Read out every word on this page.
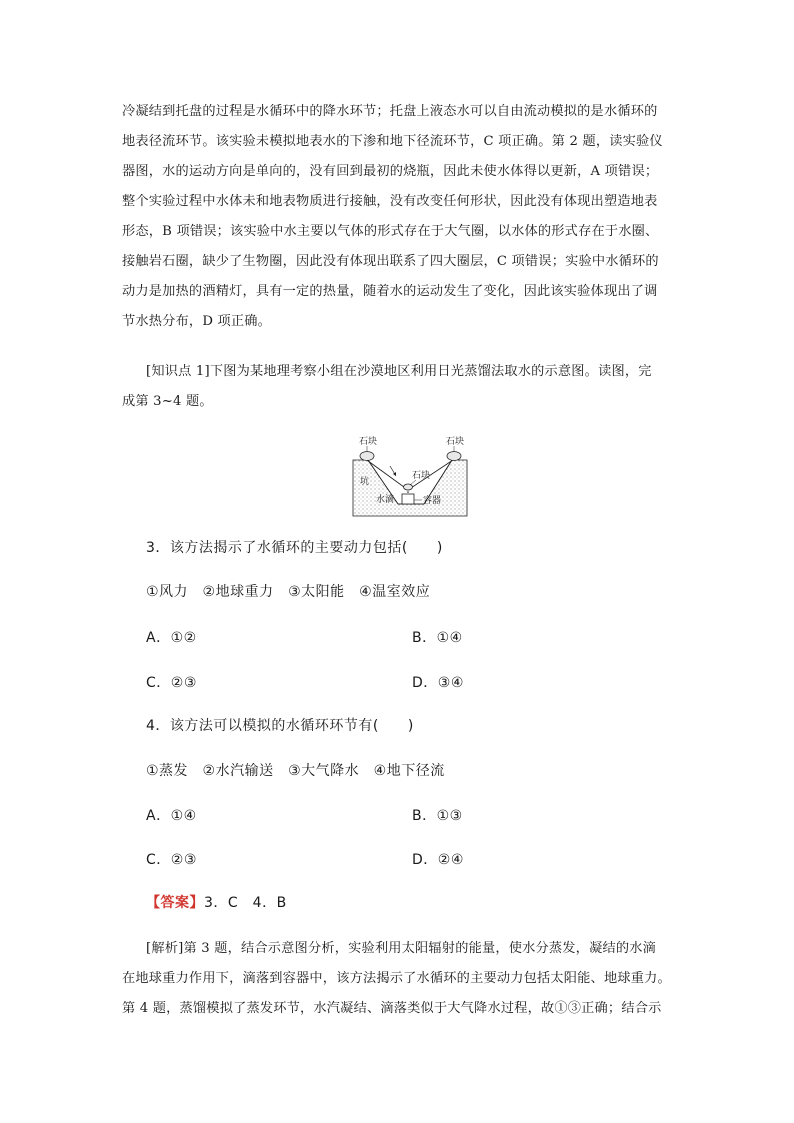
冷凝结到托盘的过程是水循环中的降水环节；托盘上液态水可以自由流动模拟的是水循环的
地表径流环节。该实验未模拟地表水的下渗和地下径流环节，C 项正确。第 2 题，读实验仪
器图，水的运动方向是单向的，没有回到最初的烧瓶，因此未使水体得以更新，A 项错误；
整个实验过程中水体未和地表物质进行接触，没有改变任何形状，因此没有体现出塑造地表
形态，B 项错误；该实验中水主要以气体的形式存在于大气圈，以水体的形式存在于水圈、
接触岩石圈，缺少了生物圈，因此没有体现出联系了四大圈层，C 项错误；实验中水循环的
动力是加热的酒精灯，具有一定的热量，随着水的运动发生了变化，因此该实验体现出了调
节水热分布，D 项正确。
[知识点 1]下图为某地理考察小组在沙漠地区利用日光蒸馏法取水的示意图。读图，完
成第 3~4 题。
石块	石块
石块
坑
水滴	容器
3．该方法揭示了水循环的主要动力包括(　　)
①风力　②地球重力　③太阳能　④温室效应
A．①②	B．①④
C．②③	D．③④
4．该方法可以模拟的水循环环节有(　　)
①蒸发　②水汽输送　③大气降水　④地下径流
A．①④	B．①③
C．②③	D．②④
【答案】3．C　4．B
[解析]第 3 题，结合示意图分析，实验利用太阳辐射的能量，使水分蒸发，凝结的水滴
在地球重力作用下，滴落到容器中，该方法揭示了水循环的主要动力包括太阳能、地球重力。
第 4 题，蒸馏模拟了蒸发环节，水汽凝结、滴落类似于大气降水过程，故①③正确；结合示
